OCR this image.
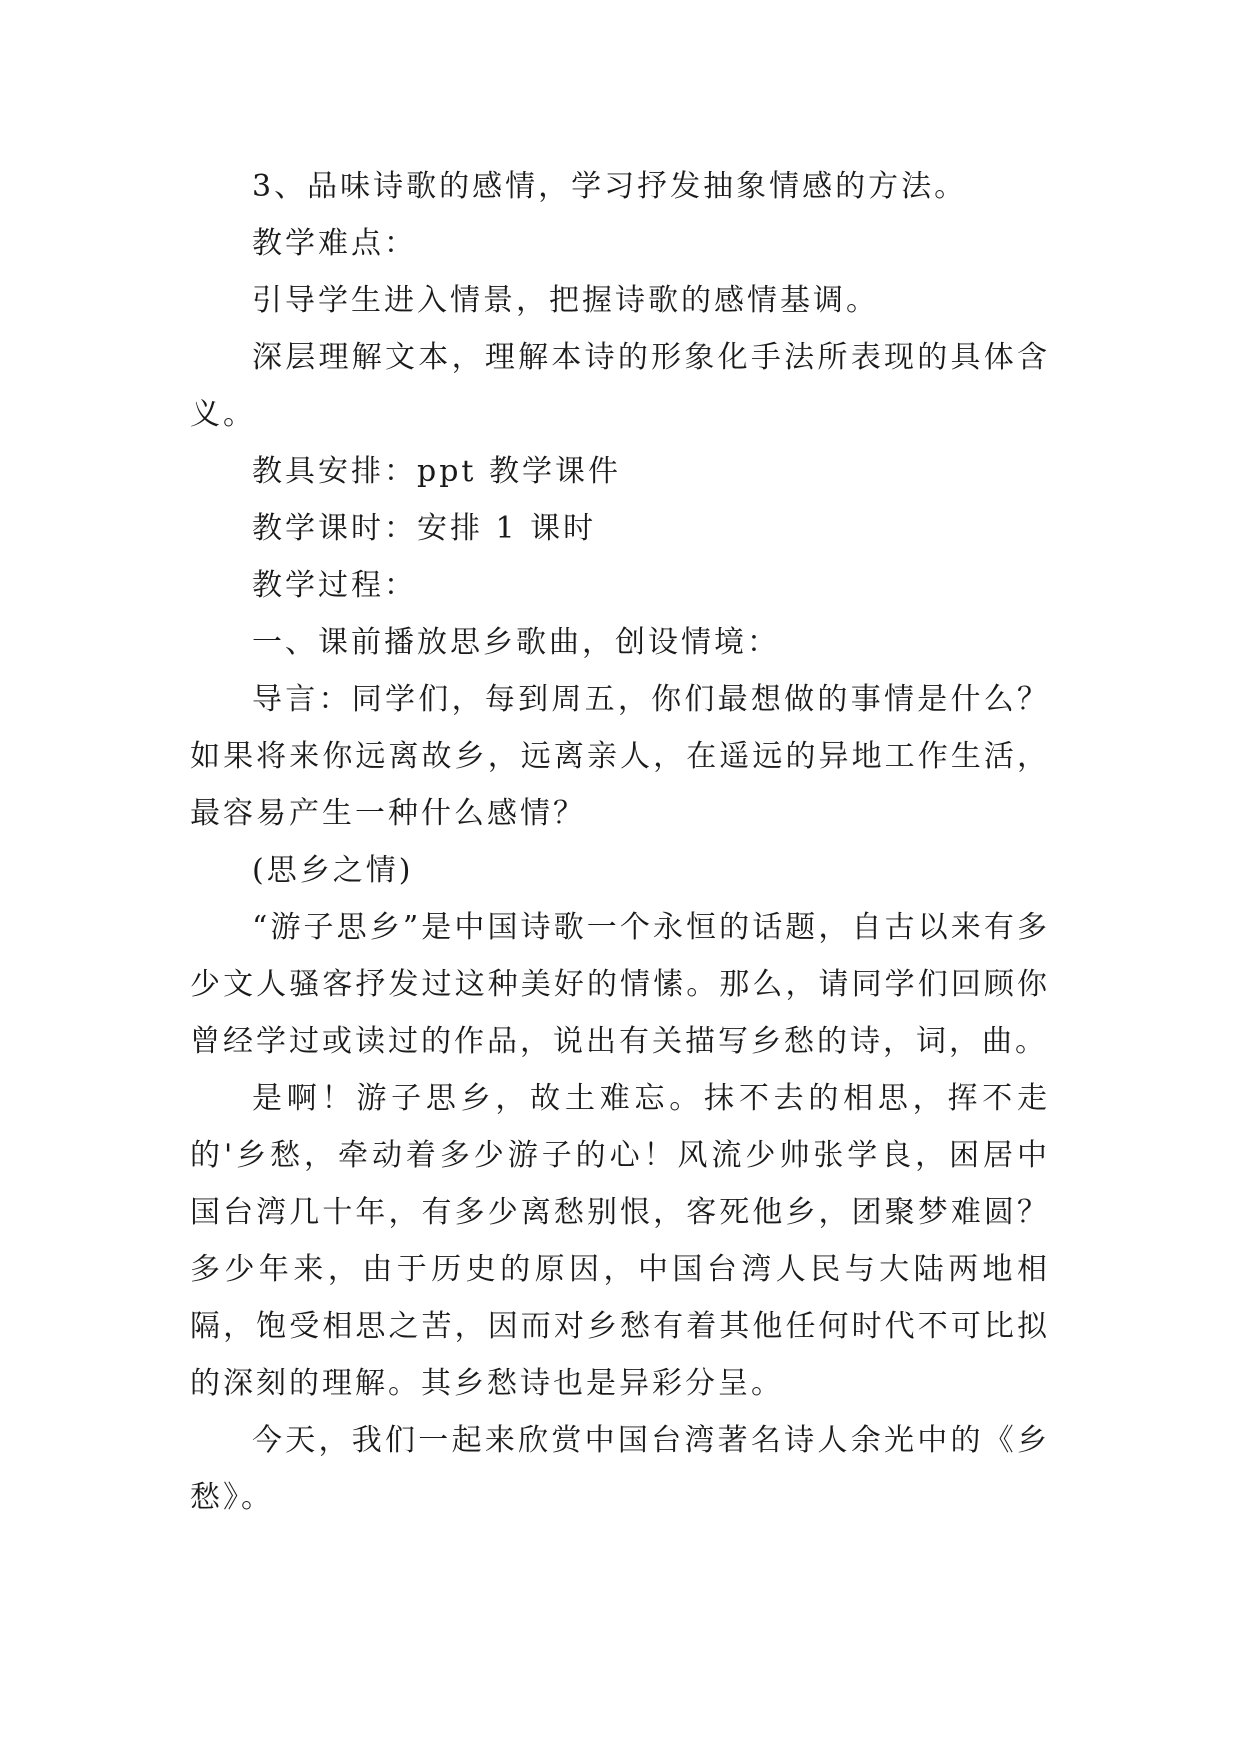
3、品味诗歌的感情，学习抒发抽象情感的方法。

教学难点：

引导学生进入情景，把握诗歌的感情基调。

深层理解文本，理解本诗的形象化手法所表现的具体含义。

教具安排：ppt 教学课件

教学课时：安排 1 课时

教学过程：

一、课前播放思乡歌曲，创设情境：

导言：同学们，每到周五，你们最想做的事情是什么？如果将来你远离故乡，远离亲人，在遥远的异地工作生活，最容易产生一种什么感情？

(思乡之情)

“游子思乡”是中国诗歌一个永恒的话题，自古以来有多少文人骚客抒发过这种美好的情愫。那么，请同学们回顾你曾经学过或读过的作品，说出有关描写乡愁的诗，词，曲。

是啊！游子思乡，故土难忘。抹不去的相思，挥不走的'乡愁，牵动着多少游子的心！风流少帅张学良，困居中国台湾几十年，有多少离愁别恨，客死他乡，团聚梦难圆？多少年来，由于历史的原因，中国台湾人民与大陆两地相隔，饱受相思之苦，因而对乡愁有着其他任何时代不可比拟的深刻的理解。其乡愁诗也是异彩分呈。

今天，我们一起来欣赏中国台湾著名诗人余光中的《乡愁》。
